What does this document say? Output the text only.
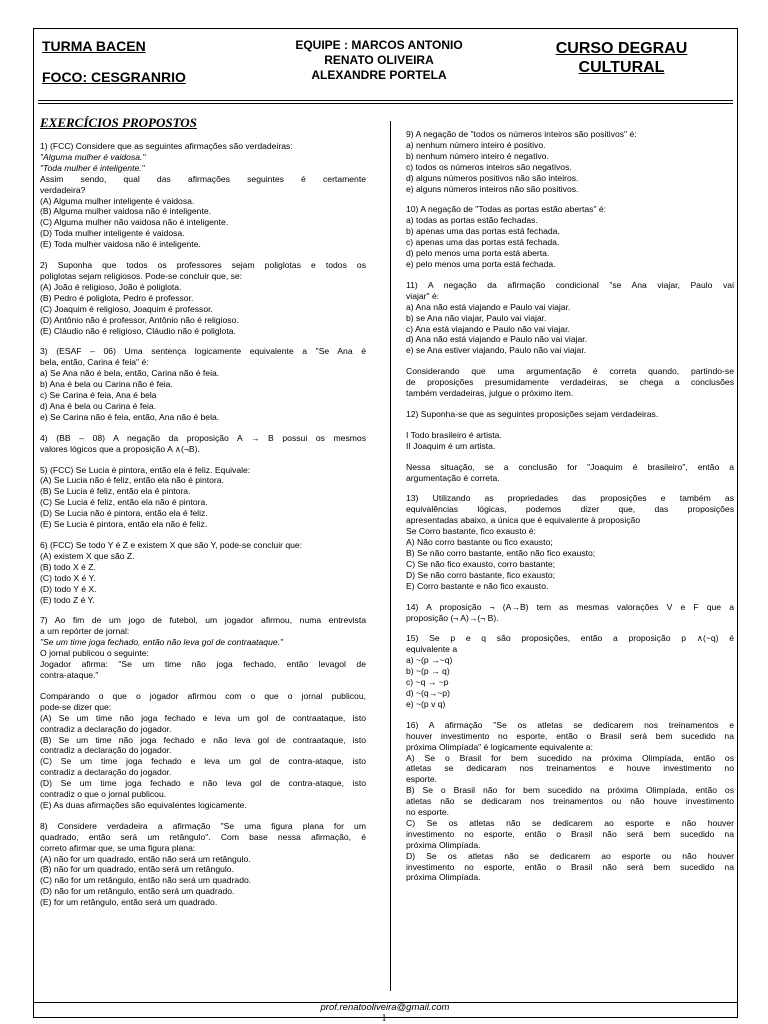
TURMA BACEN
FOCO: CESGRANRIO
EQUIPE : MARCOS ANTONIO
RENATO OLIVEIRA
ALEXANDRE PORTELA
CURSO DEGRAU
CULTURAL
EXERCÍCIOS PROPOSTOS
1) (FCC) Considere que as seguintes afirmações são verdadeiras:
"Alguma mulher é vaidosa."
"Toda mulher é inteligente."
Assim sendo, qual das afirmações seguintes é certamente
verdadeira?
(A) Alguma mulher inteligente é vaidosa.
(B) Alguma mulher vaidosa não é inteligente.
(C) Alguma mulher não vaidosa não é inteligente.
(D) Toda mulher inteligente é vaidosa.
(E) Toda mulher vaidosa não é inteligente.
2) Suponha que todos os professores sejam poliglotas e todos os
poliglotas sejam religiosos. Pode-se concluir que, se:
(A) João é religioso, João é poliglota.
(B) Pedro é poliglota, Pedro é professor.
(C) Joaquim é religioso, Joaquim é professor.
(D) Antônio não é professor, Antônio não é religioso.
(E) Cláudio não é religioso, Cláudio não é poliglota.
3) (ESAF – 06) Uma sentença logicamente equivalente a "Se Ana é
bela, então, Carina é feia" é:
a) Se Ana não é bela, então, Carina não é feia.
b) Ana é bela ou Carina não é feia.
c) Se Carina é feia, Ana é bela
d) Ana é bela ou Carina é feia.
e) Se Carina não é feia, então, Ana não é bela.
4) (BB – 08) A negação da proposição A → B possui os mesmos
valores lógicos que a proposição A ∧(¬B).
5) (FCC) Se Lucia é pintora, então ela é feliz. Equivale:
(A) Se Lucia não é feliz, então ela não é pintora.
(B) Se Lucia é feliz, então ela é pintora.
(C) Se Lucia é feliz, então ela não é pintora.
(D) Se Lucia não é pintora, então ela é feliz.
(E) Se Lucia é pintora, então ela não é feliz.
6) (FCC) Se todo Y é Z e existem X que são Y, pode-se concluir que:
(A) existem X que são Z.
(B) todo X é Z.
(C) todo X é Y.
(D) todo Y é X.
(E) todo Z é Y.
7) Ao fim de um jogo de futebol, um jogador afirmou, numa entrevista
a um repórter de jornal:
"Se um time joga fechado, então não leva gol de contraataque."
O jornal publicou o seguinte:
Jogador afirma: "Se um time não joga fechado, então levagol de
contra-ataque."
Comparando o que o jogador afirmou com o que o jornal publicou,
pode-se dizer que:
(A) Se um time não joga fechado e leva um gol de contraataque, isto
contradiz a declaração do jogador.
(B) Se um time não joga fechado e não leva gol de contraataque, isto
contradiz a declaração do jogador.
(C) Se um time joga fechado e leva um gol de contra-ataque, isto
contradiz a declaração do jogador.
(D) Se um time joga fechado e não leva gol de contra-ataque, isto
contradiz o que o jornal publicou.
(E) As duas afirmações são equivalentes logicamente.
8) Considere verdadeira a afirmação "Se uma figura plana for um
quadrado, então será um retângulo". Com base nessa afirmação, é
correto afirmar que, se uma figura plana:
(A) não for um quadrado, então não será um retângulo.
(B) não for um quadrado, então será um retângulo.
(C) não for um retângulo, então não será um quadrado.
(D) não for um retângulo, então será um quadrado.
(E) for um retângulo, então será um quadrado.
9) A negação de "todos os números inteiros são positivos" é:
a) nenhum número inteiro é positivo.
b) nenhum número inteiro é negativo.
c) todos os números inteiros são negativos.
d) alguns números positivos não são inteiros.
e) alguns números inteiros não são positivos.
10) A negação de "Todas as portas estão abertas" é:
a) todas as portas estão fechadas.
b) apenas uma das portas está fechada.
c) apenas uma das portas está fechada.
d) pelo menos uma porta está aberta.
e) pelo menos uma porta está fechada.
11) A negação da afirmação condicional "se Ana viajar, Paulo vai
viajar" é:
a) Ana não está viajando e Paulo vai viajar.
b) se Ana não viajar, Paulo vai viajar.
c) Ana está viajando e Paulo não vai viajar.
d) Ana não está viajando e Paulo não vai viajar.
e) se Ana estiver viajando, Paulo não vai viajar.
Considerando que uma argumentação é correta quando, partindo-se
de proposições presumidamente verdadeiras, se chega a conclusões
também verdadeiras, julgue o próximo item.
12) Suponha-se que as seguintes proposições sejam verdadeiras.
I Todo brasileiro é artista.
II Joaquim é um artista.
Nessa situação, se a conclusão for "Joaquim é brasileiro", então a
argumentação é correta.
13) Utilizando as propriedades das proposições e também as
equivalências lógicas, podemos dizer que, das proposições
apresentadas abaixo, a única que é equivalente à proposição
Se Corro bastante, fico exausto é:
A) Não corro bastante ou fico exausto;
B) Se não corro bastante, então não fico exausto;
C) Se não fico exausto, corro bastante;
D) Se não corro bastante, fico exausto;
E) Corro bastante e não fico exausto.
14) A proposição ¬ (A→B) tem as mesmas valorações V e F que a
proposição (¬ A)→(¬ B).
15) Se p e q são proposições, então a proposição p ∧(~q) é
equivalente a
a) ~(p →~q)
b) ~(p → q)
c) ~q → ~p
d) ~(q→~p)
e) ~(p v q)
16) A afirmação "Se os atletas se dedicarem nos treinamentos e
houver investimento no esporte, então o Brasil será bem sucedido na
próxima Olimpíada" é logicamente equivalente a:
A) Se o Brasil for bem sucedido na próxima Olimpíada, então os
atletas se dedicaram nos treinamentos e houve investimento no
esporte.
B) Se o Brasil não for bem sucedido na próxima Olimpíada, então os
atletas não se dedicaram nos treinamentos ou não houve investimento
no esporte.
C) Se os atletas não se dedicarem ao esporte e não houver
investimento no esporte, então o Brasil não será bem sucedido na
próxima Olimpíada.
D) Se os atletas não se dedicarem ao esporte ou não houver
investimento no esporte, então o Brasil não será bem sucedido na
próxima Olimpíada.
prof.renatooliveira@gmail.com
1
